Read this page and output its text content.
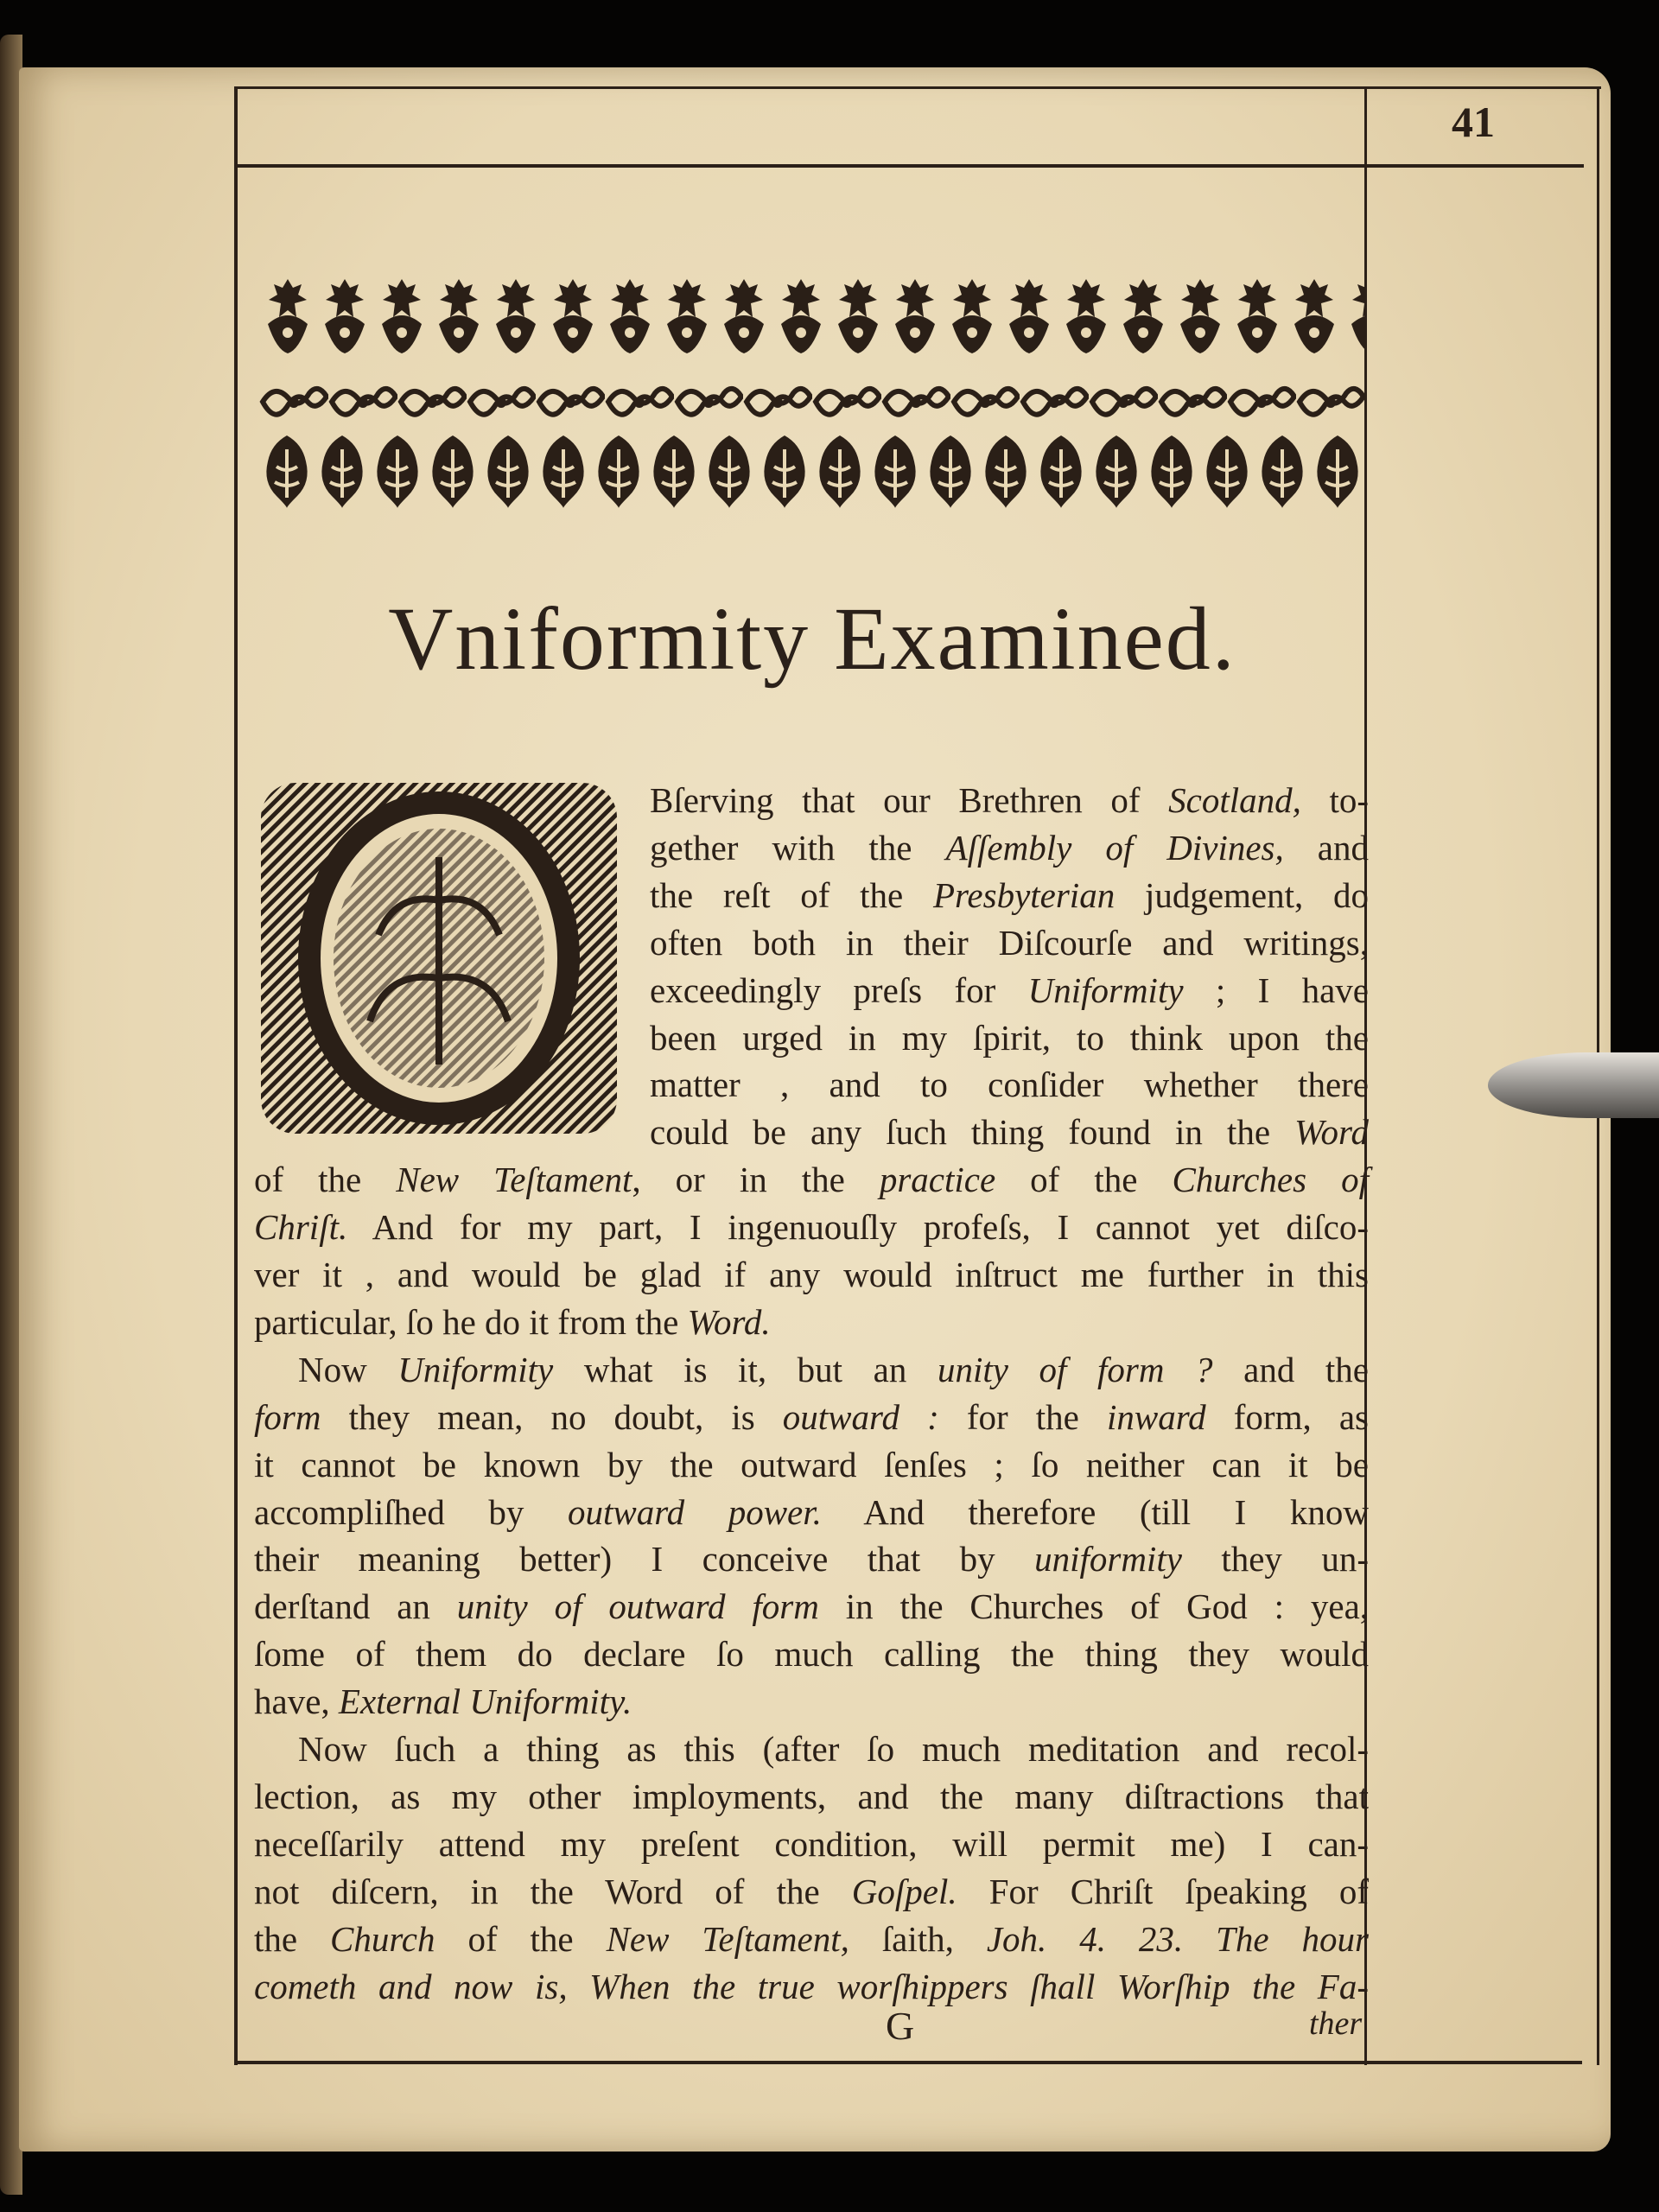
41
Vniformity Examined.
Bſerving that our Brethren of Scotland, to-
gether with the Aſſembly of Divines, and
the reſt of the Presbyterian judgement, do
often both in their Diſcourſe and writings,
exceedingly preſs for Uniformity ; I have
been urged in my ſpirit, to think upon the
matter , and to conſider whether there
could be any ſuch thing found in the Word
of the New Teſtament, or in the practice of the Churches of
Chriſt. And for my part, I ingenuouſly profeſs, I cannot yet diſco-
ver it , and would be glad if any would inſtruct me further in this
particular, ſo he do it from the Word.
Now Uniformity what is it, but an unity of form ? and the
form they mean, no doubt, is outward : for the inward form, as
it cannot be known by the outward ſenſes ; ſo neither can it be
accompliſhed by outward power. And therefore (till I know
their meaning better) I conceive that by uniformity they un-
derſtand an unity of outward form in the Churches of God : yea,
ſome of them do declare ſo much calling the thing they would
have, External Uniformity.
Now ſuch a thing as this (after ſo much meditation and recol-
lection, as my other imployments, and the many diſtractions that
neceſſarily attend my preſent condition, will permit me) I can-
not diſcern, in the Word of the Goſpel. For Chriſt ſpeaking of
the Church of the New Teſtament, ſaith, Joh. 4. 23. The hour
cometh and now is, When the true worſhippers ſhall Worſhip the Fa-
G	ther
